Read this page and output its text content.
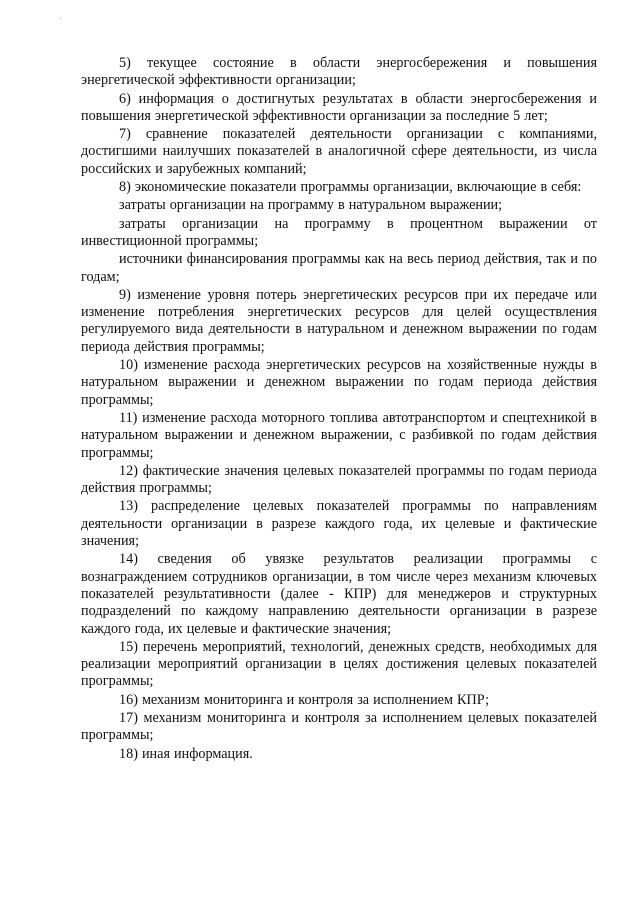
'

5) текущее состояние в области энергосбережения и повышения энергетической эффективности организации;

6) информация о достигнутых результатах в области энергосбережения и повышения энергетической эффективности организации за последние 5 лет;

7) сравнение показателей деятельности организации с компаниями, достигшими наилучших показателей в аналогичной сфере деятельности, из числа российских и зарубежных компаний;

8) экономические показатели программы организации, включающие в себя:

затраты организации на программу в натуральном выражении;

затраты организации на программу в процентном выражении от инвестиционной программы;

источники финансирования программы как на весь период действия, так и по годам;

9) изменение уровня потерь энергетических ресурсов при их передаче или изменение потребления энергетических ресурсов для целей осуществления регулируемого вида деятельности в натуральном и денежном выражении по годам периода действия программы;

10) изменение расхода энергетических ресурсов на хозяйственные нужды в натуральном выражении и денежном выражении по годам периода действия программы;

11) изменение расхода моторного топлива автотранспортом и спецтехникой в натуральном выражении и денежном выражении, с разбивкой по годам действия программы;

12) фактические значения целевых показателей программы по годам периода действия программы;

13) распределение целевых показателей программы по направлениям деятельности организации в разрезе каждого года, их целевые и фактические значения;

14) сведения об увязке результатов реализации программы с вознаграждением сотрудников организации, в том числе через механизм ключевых показателей результативности (далее - КПР) для менеджеров и структурных подразделений по каждому направлению деятельности организации в разрезе каждого года, их целевые и фактические значения;

15) перечень мероприятий, технологий, денежных средств, необходимых для реализации мероприятий организации в целях достижения целевых показателей программы;

16) механизм мониторинга и контроля за исполнением КПР;

17) механизм мониторинга и контроля за исполнением целевых показателей программы;

18) иная информация.
